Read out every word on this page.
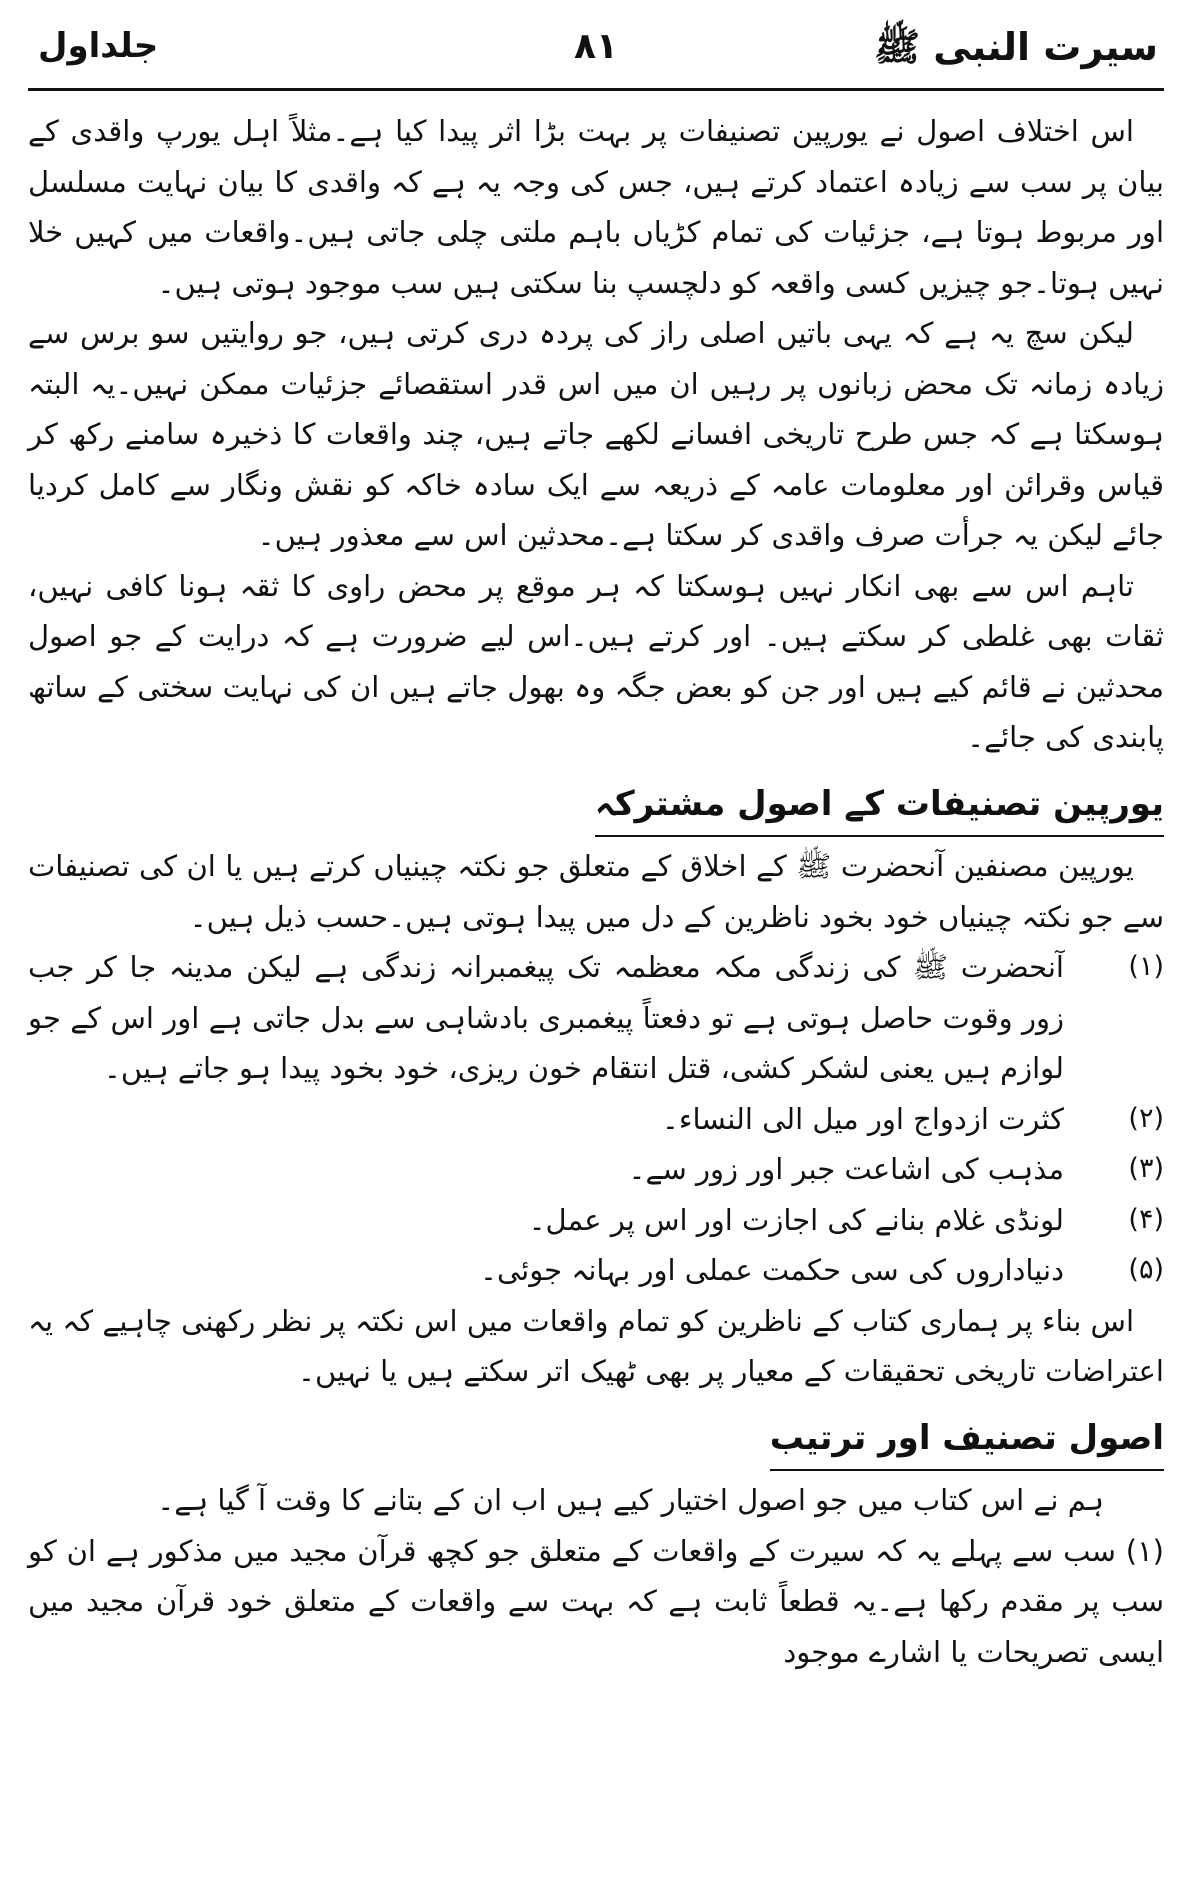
سیرت النبی ﷺ
۸۱
جلداول

اس اختلاف اصول نے یورپین تصنیفات پر بہت بڑا اثر پیدا کیا ہے۔مثلاً اہل یورپ واقدی کے بیان پر سب سے زیادہ اعتماد کرتے ہیں، جس کی وجہ یہ ہے کہ واقدی کا بیان نہایت مسلسل اور مربوط ہوتا ہے، جزئیات کی تمام کڑیاں باہم ملتی چلی جاتی ہیں۔واقعات میں کہیں خلا نہیں ہوتا۔جو چیزیں کسی واقعہ کو دلچسپ بنا سکتی ہیں سب موجود ہوتی ہیں۔

لیکن سچ یہ ہے کہ یہی باتیں اصلی راز کی پردہ دری کرتی ہیں، جو روایتیں سو برس سے زیادہ زمانہ تک محض زبانوں پر رہیں ان میں اس قدر استقصائے جزئیات ممکن نہیں۔یہ البتہ ہوسکتا ہے کہ جس طرح تاریخی افسانے لکھے جاتے ہیں، چند واقعات کا ذخیرہ سامنے رکھ کر قیاس وقرائن اور معلومات عامہ کے ذریعہ سے ایک سادہ خاکہ کو نقش ونگار سے کامل کردیا جائے لیکن یہ جرأت صرف واقدی کر سکتا ہے۔محدثین اس سے معذور ہیں۔

تاہم اس سے بھی انکار نہیں ہوسکتا کہ ہر موقع پر محض راوی کا ثقہ ہونا کافی نہیں، ثقات بھی غلطی کر سکتے ہیں۔ اور کرتے ہیں۔اس لیے ضرورت ہے کہ درایت کے جو اصول محدثین نے قائم کیے ہیں اور جن کو بعض جگہ وہ بھول جاتے ہیں ان کی نہایت سختی کے ساتھ پابندی کی جائے۔

یورپین تصنیفات کے اصول مشترکہ

یورپین مصنفین آنحضرت ﷺ کے اخلاق کے متعلق جو نکتہ چینیاں کرتے ہیں یا ان کی تصنیفات سے جو نکتہ چینیاں خود بخود ناظرین کے دل میں پیدا ہوتی ہیں۔حسب ذیل ہیں۔

(۱)
آنحضرت ﷺ کی زندگی مکہ معظمہ تک پیغمبرانہ زندگی ہے لیکن مدینہ جا کر جب زور وقوت حاصل ہوتی ہے تو دفعتاً پیغمبری بادشاہی سے بدل جاتی ہے اور اس کے جو لوازم ہیں یعنی لشکر کشی، قتل انتقام خون ریزی، خود بخود پیدا ہو جاتے ہیں۔
(۲)
کثرت ازدواج اور میل الی النساء۔
(۳)
مذہب کی اشاعت جبر اور زور سے۔
(۴)
لونڈی غلام بنانے کی اجازت اور اس پر عمل۔
(۵)
دنیاداروں کی سی حکمت عملی اور بہانہ جوئی۔

اس بناء پر ہماری کتاب کے ناظرین کو تمام واقعات میں اس نکتہ پر نظر رکھنی چاہیے کہ یہ اعتراضات تاریخی تحقیقات کے معیار پر بھی ٹھیک اتر سکتے ہیں یا نہیں۔

اصول تصنیف اور ترتیب

ہم نے اس کتاب میں جو اصول اختیار کیے ہیں اب ان کے بتانے کا وقت آ گیا ہے۔

(۱) سب سے پہلے یہ کہ سیرت کے واقعات کے متعلق جو کچھ قرآن مجید میں مذکور ہے ان کو سب پر مقدم رکھا ہے۔یہ قطعاً ثابت ہے کہ بہت سے واقعات کے متعلق خود قرآن مجید میں ایسی تصریحات یا اشارے موجود
